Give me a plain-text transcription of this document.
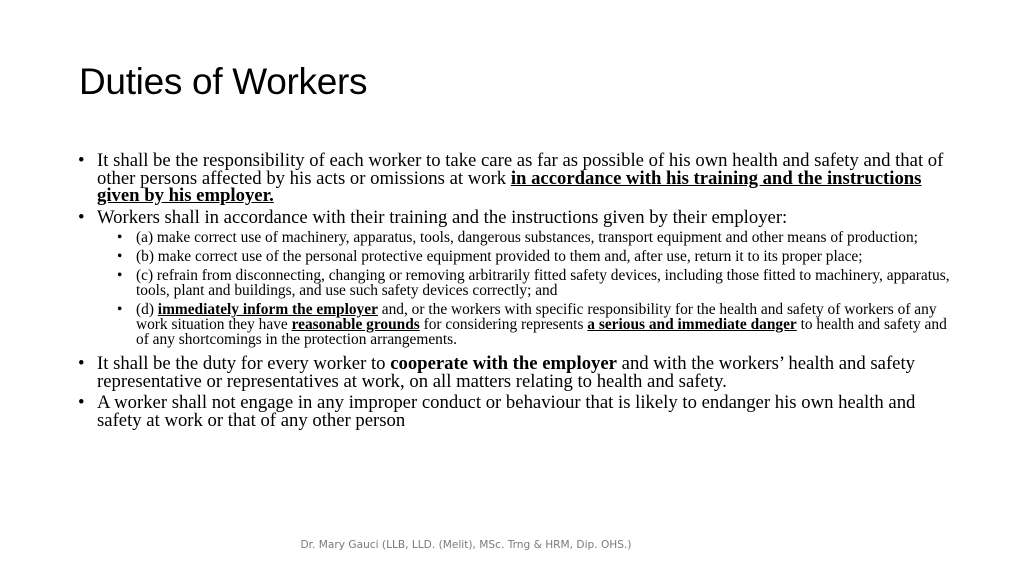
Duties of Workers
• It shall be the responsibility of each worker to take care as far as possible of his own health and safety and that of other persons affected by his acts or omissions at work in accordance with his training and the instructions given by his employer.
• Workers shall in accordance with their training and the instructions given by their employer:
• (a) make correct use of machinery, apparatus, tools, dangerous substances, transport equipment and other means of production;
• (b) make correct use of the personal protective equipment provided to them and, after use, return it to its proper place;
• (c) refrain from disconnecting, changing or removing arbitrarily fitted safety devices, including those fitted to machinery, apparatus, tools, plant and buildings, and use such safety devices correctly; and
• (d) immediately inform the employer and, or the workers with specific responsibility for the health and safety of workers of any work situation they have reasonable grounds for considering represents a serious and immediate danger to health and safety and of any shortcomings in the protection arrangements.
• It shall be the duty for every worker to cooperate with the employer and with the workers’ health and safety representative or representatives at work, on all matters relating to health and safety.
• A worker shall not engage in any improper conduct or behaviour that is likely to endanger his own health and safety at work or that of any other person
Dr. Mary Gauci (LLB, LLD. (Melit), MSc. Trng & HRM, Dip. OHS.)
